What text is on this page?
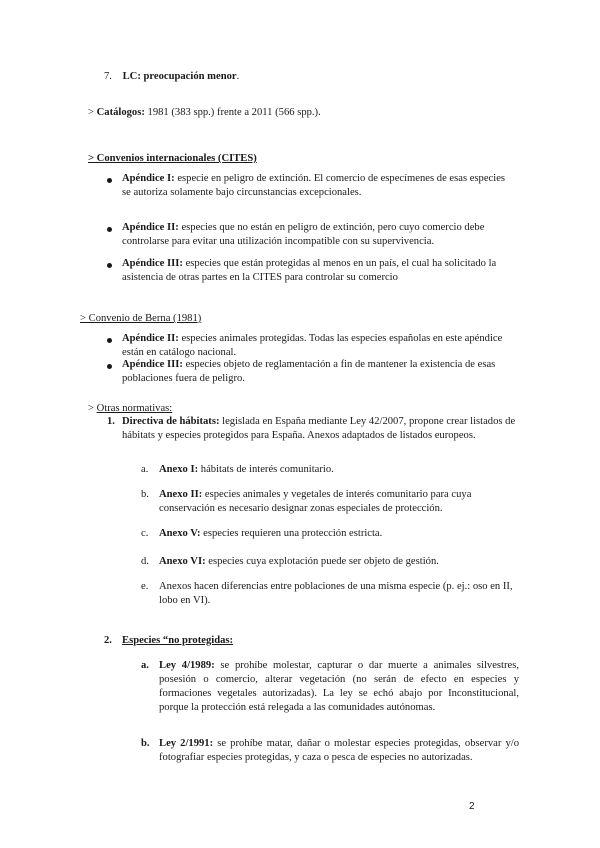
7. LC: preocupación menor.
> Catálogos: 1981 (383 spp.) frente a 2011 (566 spp.).
> Convenios internacionales (CITES)
Apéndice I: especie en peligro de extinción. El comercio de especímenes de esas especies se autoriza solamente bajo circunstancias excepcionales.
Apéndice II: especies que no están en peligro de extinción, pero cuyo comercio debe controlarse para evitar una utilización incompatible con su supervivencia.
Apéndice III: especies que están protegidas al menos en un país, el cual ha solicitado la asistencia de otras partes en la CITES para controlar su comercio
> Convenio de Berna (1981)
Apéndice II: especies animales protegidas. Todas las especies españolas en este apéndice están en catálogo nacional.
Apéndice III: especies objeto de reglamentación a fin de mantener la existencia de esas poblaciones fuera de peligro.
> Otras normativas:
1. Directiva de hábitats: legislada en España mediante Ley 42/2007, propone crear listados de hábitats y especies protegidos para España. Anexos adaptados de listados europeos.
a. Anexo I: hábitats de interés comunitario.
b. Anexo II: especies animales y vegetales de interés comunitario para cuya conservación es necesario designar zonas especiales de protección.
c. Anexo V: especies requieren una protección estricta.
d. Anexo VI: especies cuya explotación puede ser objeto de gestión.
e. Anexos hacen diferencias entre poblaciones de una misma especie (p. ej.: oso en II, lobo en VI).
2. Especies “no protegidas:
a. Ley 4/1989: se prohíbe molestar, capturar o dar muerte a animales silvestres, posesión o comercio, alterar vegetación (no serán de efecto en especies y formaciones vegetales autorizadas). La ley se echó abajo por Inconstitucional, porque la protección está relegada a las comunidades autónomas.
b. Ley 2/1991: se prohíbe matar, dañar o molestar especies protegidas, observar y/o fotografiar especies protegidas, y caza o pesca de especies no autorizadas.
2
